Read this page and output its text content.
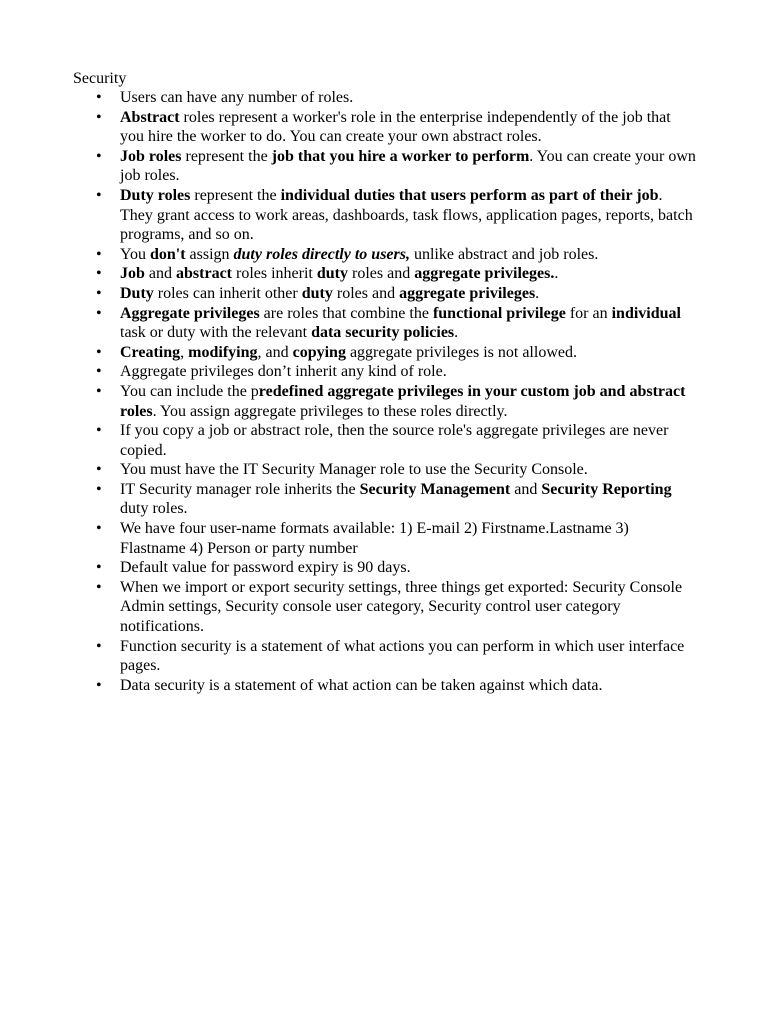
Security
•	Users can have any number of roles.
•	Abstract roles represent a worker's role in the enterprise independently of the job that you hire the worker to do. You can create your own abstract roles.
•	Job roles represent the job that you hire a worker to perform. You can create your own job roles.
•	Duty roles represent the individual duties that users perform as part of their job. They grant access to work areas, dashboards, task flows, application pages, reports, batch programs, and so on.
•	You don't assign duty roles directly to users, unlike abstract and job roles.
•	Job and abstract roles inherit duty roles and aggregate privileges..
•	Duty roles can inherit other duty roles and aggregate privileges.
•	Aggregate privileges are roles that combine the functional privilege for an individual task or duty with the relevant data security policies.
•	Creating, modifying, and copying aggregate privileges is not allowed.
•	Aggregate privileges don’t inherit any kind of role.
•	You can include the predefined aggregate privileges in your custom job and abstract roles. You assign aggregate privileges to these roles directly.
•	If you copy a job or abstract role, then the source role's aggregate privileges are never copied.
•	You must have the IT Security Manager role to use the Security Console.
•	IT Security manager role inherits the Security Management and Security Reporting duty roles.
•	We have four user-name formats available: 1) E-mail 2) Firstname.Lastname 3) Flastname 4) Person or party number
•	Default value for password expiry is 90 days.
•	When we import or export security settings, three things get exported: Security Console Admin settings, Security console user category, Security control user category notifications.
•	Function security is a statement of what actions you can perform in which user interface pages.
•	Data security is a statement of what action can be taken against which data.
